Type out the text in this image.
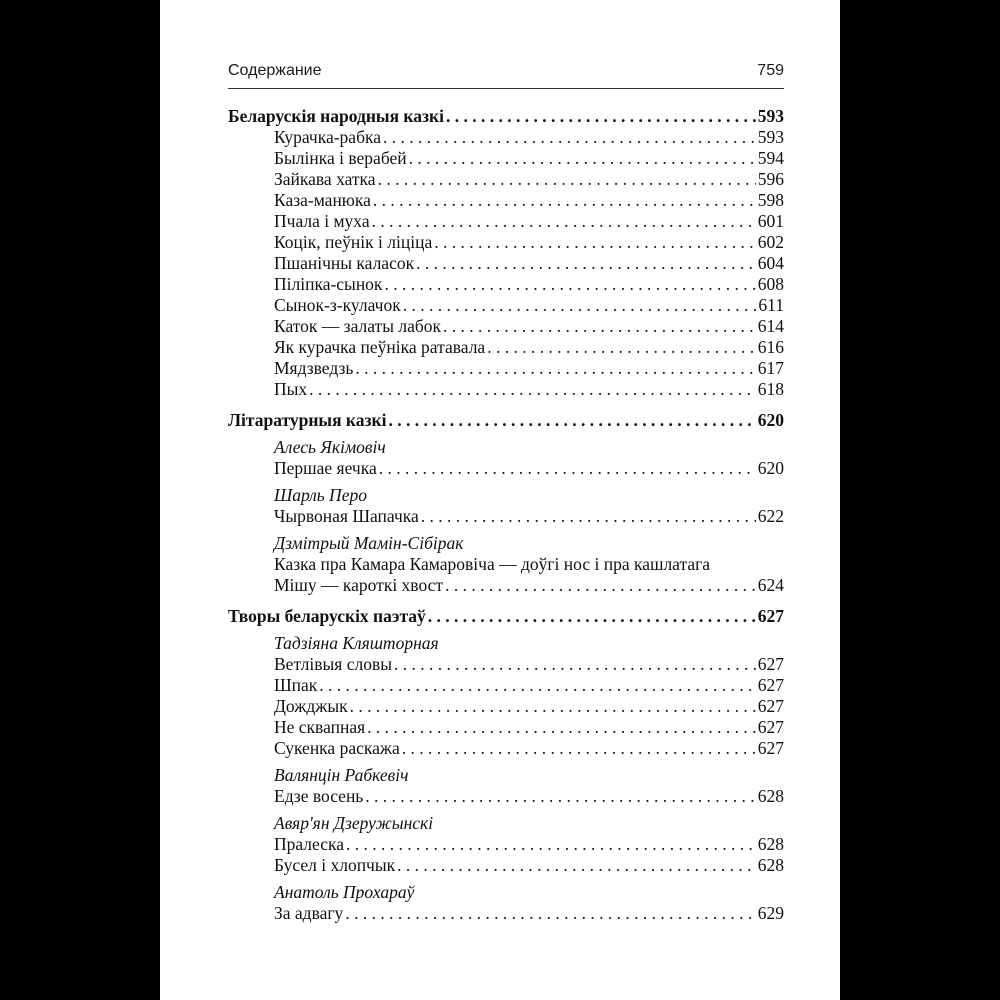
Содержание	759
Беларускія народныя казкі . . .	593
Курачка-рабка . . .	593
Былінка і верабей . . .	594
Зайкава хатка . . .	596
Каза-манюка . . .	598
Пчала і муха . . .	601
Коцік, пеўнік і ліціца . . .	602
Пшанічны каласок . . .	604
Пiлiпка-сынок . . .	608
Сынок-з-кулачок . . .	611
Каток — залаты лабок . . .	614
Як курачка пеўніка ратавала . . .	616
Мядзведзь . . .	617
Пых . . .	618
Літаратурныя казкі . . .	620
Алесь Якімовіч
Першае яечка . . .	620
Шарль Перо
Чырвоная Шапачка . . .	622
Дзмітрый Мамін-Сібірак
Казка пра Камара Камаровіча — доўгі нос і пра кашлатага
Мішу — кароткі хвост . . .	624
Творы беларускіх паэтаў . . .	627
Тадзіяна Кляшторная
Ветлівыя словы . . .	627
Шпак . . .	627
Дожджык . . .	627
Не сквапная . . .	627
Сукенка раскажа . . .	627
Валянцін Рабкевіч
Едзе восень . . .	628
Авяр'ян Дзеружынскі
Пралеска . . .	628
Бусел і хлопчык . . .	628
Анатоль Прохараў
За адвагу . . .	629
